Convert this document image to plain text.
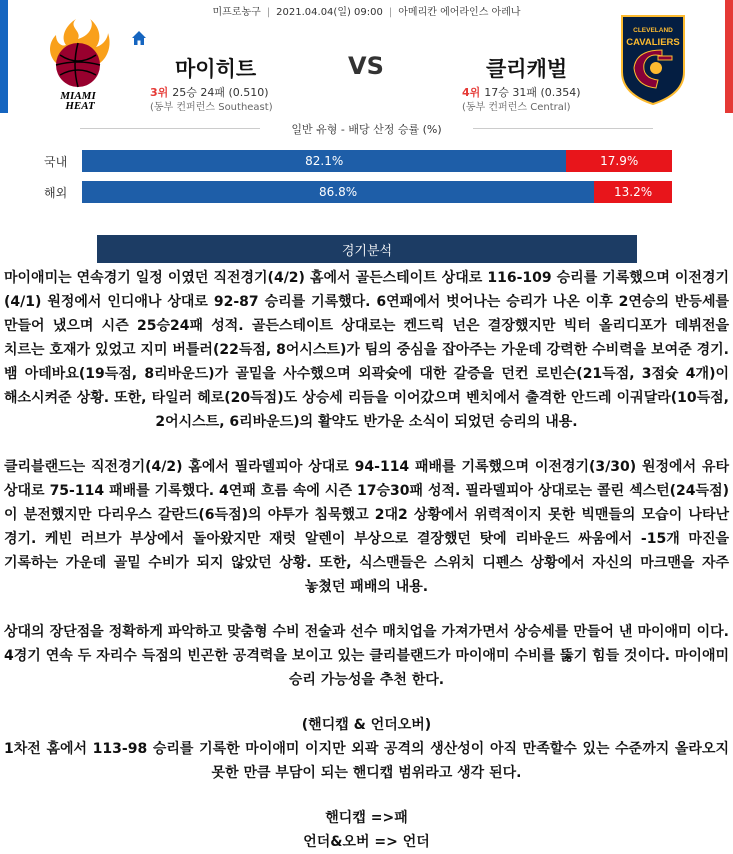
미프로농구 | 2021.04.04(일) 09:00 | 아메리칸 에어라인스 아레나
MIAMI
HEAT
CLEVELAND
CAVALIERS
마이히트	VS	클리캐벌
3위 25승 24패 (0.510)
(동부 컨퍼런스 Southeast)
4위 17승 31패 (0.354)
(동부 컨퍼런스 Central)
일반 유형 - 배당 산정 승률 (%)
국내	82.1%	17.9%
해외	86.8%	13.2%
경기분석

마이애미는 연속경기 일정 이였던 직전경기(4/2) 홈에서 골든스테이트 상대로 116-109 승리를 기록했으며 이전경기(4/1) 원정에서 인디애나 상대로 92-87 승리를 기록했다. 6연패에서 벗어나는 승리가 나온 이후 2연승의 반등세를 만들어 냈으며 시즌 25승24패 성적. 골든스테이트 상대로는 켄드릭 넌은 결장했지만 빅터 올리디포가 데뷔전을 치르는 호재가 있었고 지미 버틀러(22득점, 8어시스트)가 팀의 중심을 잡아주는 가운데 강력한 수비력을 보여준 경기. 뱀 아데바요(19득점, 8리바운드)가 골밑을 사수했으며 외곽슛에 대한 갈증을 던컨 로빈슨(21득점, 3점슛 4개)이 해소시켜준 상황. 또한, 타일러 헤로(20득점)도 상승세 리듬을 이어갔으며 벤치에서 출격한 안드레 이궈달라(10득점, 2어시스트, 6리바운드)의 활약도 반가운 소식이 되었던 승리의 내용.

클리블랜드는 직전경기(4/2) 홈에서 필라델피아 상대로 94-114 패배를 기록했으며 이전경기(3/30) 원정에서 유타 상대로 75-114 패배를 기록했다. 4연패 흐름 속에 시즌 17승30패 성적. 필라델피아 상대로는 콜린 섹스턴(24득점)이 분전했지만 다리우스 갈란드(6득점)의 야투가 침묵했고 2대2 상황에서 위력적이지 못한 빅맨들의 모습이 나타난 경기. 케빈 러브가 부상에서 돌아왔지만 재럿 알렌이 부상으로 결장했던 탓에 리바운드 싸움에서 -15개 마진을 기록하는 가운데 골밑 수비가 되지 않았던 상황. 또한, 식스맨들은 스위치 디펜스 상황에서 자신의 마크맨을 자주 놓쳤던 패배의 내용.

상대의 장단점을 정확하게 파악하고 맞춤형 수비 전술과 선수 매치업을 가져가면서 상승세를 만들어 낸 마이애미 이다. 4경기 연속 두 자리수 득점의 빈곤한 공격력을 보이고 있는 클리블랜드가 마이애미 수비를 뚫기 힘들 것이다. 마이애미 승리 가능성을 추천 한다.

(핸디캡 & 언더오버)

1차전 홈에서 113-98 승리를 기록한 마이애미 이지만 외곽 공격의 생산성이 아직 만족할수 있는 수준까지 올라오지 못한 만큼 부담이 되는 핸디캡 범위라고 생각 된다.

핸디캡 =>패

언더&오버 => 언더
